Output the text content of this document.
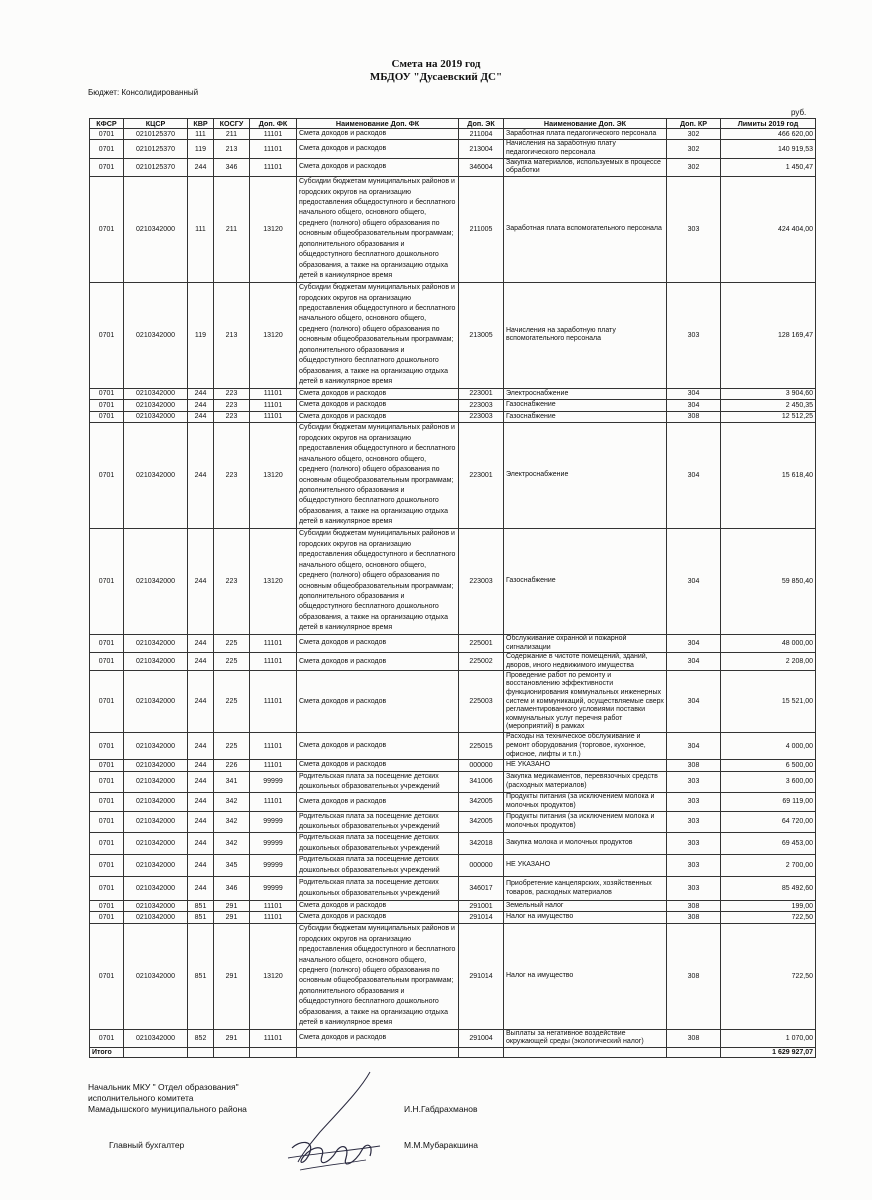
Смета на 2019 год
МБДОУ "Дусаевский ДС"
Бюджет: Консолидированный
руб.
КФСР	КЦСР	КВР	КОСГУ	Доп. ФК	Наименование Доп. ФК	Доп. ЭК	Наименование Доп. ЭК	Доп. КР	Лимиты 2019 год
0701	0210125370	111	211	11101	Смета доходов и расходов	211004	Заработная плата педагогического персонала	302	466 620,00
0701	0210125370	119	213	11101	Смета доходов и расходов	213004	Начисления на заработную плату педагогического персонала	302	140 919,53
0701	0210125370	244	346	11101	Смета доходов и расходов	346004	Закупка материалов, используемых в процессе обработки	302	1 450,47
0701	0210342000	111	211	13120	Субсидии бюджетам муниципальных районов и городских округов на организацию предоставления общедоступного и бесплатного начального общего, основного общего, среднего (полного) общего образования по основным общеобразовательным программам; дополнительного образования и общедоступного бесплатного дошкольного образования, а также на организацию отдыха детей в каникулярное время	211005	Заработная плата вспомогательного персонала	303	424 404,00
0701	0210342000	119	213	13120	Субсидии бюджетам муниципальных районов и городских округов на организацию предоставления общедоступного и бесплатного начального общего, основного общего, среднего (полного) общего образования по основным общеобразовательным программам; дополнительного образования и общедоступного бесплатного дошкольного образования, а также на организацию отдыха детей в каникулярное время	213005	Начисления на заработную плату вспомогательного персонала	303	128 169,47
0701	0210342000	244	223	11101	Смета доходов и расходов	223001	Электроснабжение	304	3 904,60
0701	0210342000	244	223	11101	Смета доходов и расходов	223003	Газоснабжение	304	2 450,35
0701	0210342000	244	223	11101	Смета доходов и расходов	223003	Газоснабжение	308	12 512,25
0701	0210342000	244	223	13120	Субсидии бюджетам муниципальных районов и городских округов на организацию предоставления общедоступного и бесплатного начального общего, основного общего, среднего (полного) общего образования по основным общеобразовательным программам; дополнительного образования и общедоступного бесплатного дошкольного образования, а также на организацию отдыха детей в каникулярное время	223001	Электроснабжение	304	15 618,40
0701	0210342000	244	223	13120	Субсидии бюджетам муниципальных районов и городских округов на организацию предоставления общедоступного и бесплатного начального общего, основного общего, среднего (полного) общего образования по основным общеобразовательным программам; дополнительного образования и общедоступного бесплатного дошкольного образования, а также на организацию отдыха детей в каникулярное время	223003	Газоснабжение	304	59 850,40
0701	0210342000	244	225	11101	Смета доходов и расходов	225001	Обслуживание охранной и пожарной сигнализации	304	48 000,00
0701	0210342000	244	225	11101	Смета доходов и расходов	225002	Содержание в чистоте помещений, зданий, дворов, иного недвижимого имущества	304	2 208,00
0701	0210342000	244	225	11101	Смета доходов и расходов	225003	Проведение работ по ремонту и восстановлению эффективности функционирования коммунальных инженерных систем и коммуникаций, осуществляемые сверх регламентированного условиями поставки коммунальных услуг перечня работ (мероприятий) в рамках	304	15 521,00
0701	0210342000	244	225	11101	Смета доходов и расходов	225015	Расходы на техническое обслуживание и ремонт оборудования (торговое, кухонное, офисное, лифты и т.п.)	304	4 000,00
0701	0210342000	244	226	11101	Смета доходов и расходов	000000	НЕ УКАЗАНО	308	6 500,00
0701	0210342000	244	341	99999	Родительская плата за посещение детских дошкольных образовательных учреждений	341006	Закупка медикаментов, перевязочных средств (расходных материалов)	303	3 600,00
0701	0210342000	244	342	11101	Смета доходов и расходов	342005	Продукты питания (за исключением молока и молочных продуктов)	303	69 119,00
0701	0210342000	244	342	99999	Родительская плата за посещение детских дошкольных образовательных учреждений	342005	Продукты питания (за исключением молока и молочных продуктов)	303	64 720,00
0701	0210342000	244	342	99999	Родительская плата за посещение детских дошкольных образовательных учреждений	342018	Закупка молока и молочных продуктов	303	69 453,00
0701	0210342000	244	345	99999	Родительская плата за посещение детских дошкольных образовательных учреждений	000000	НЕ УКАЗАНО	303	2 700,00
0701	0210342000	244	346	99999	Родительская плата за посещение детских дошкольных образовательных учреждений	346017	Приобретение канцелярских, хозяйственных товаров, расходных материалов	303	85 492,60
0701	0210342000	851	291	11101	Смета доходов и расходов	291001	Земельный налог	308	199,00
0701	0210342000	851	291	11101	Смета доходов и расходов	291014	Налог на имущество	308	722,50
0701	0210342000	851	291	13120	Субсидии бюджетам муниципальных районов и городских округов на организацию предоставления общедоступного и бесплатного начального общего, основного общего, среднего (полного) общего образования по основным общеобразовательным программам; дополнительного образования и общедоступного бесплатного дошкольного образования, а также на организацию отдыха детей в каникулярное время	291014	Налог на имущество	308	722,50
0701	0210342000	852	291	11101	Смета доходов и расходов	291004	Выплаты за негативное воздействие окружающей среды (экологический налог)	308	1 070,00
Итого									1 629 927,07
Начальник МКУ " Отдел образования"
исполнительного комитета
Мамадышского муниципального района	И.Н.Габдрахманов
Главный бухгалтер	М.М.Мубаракшина
